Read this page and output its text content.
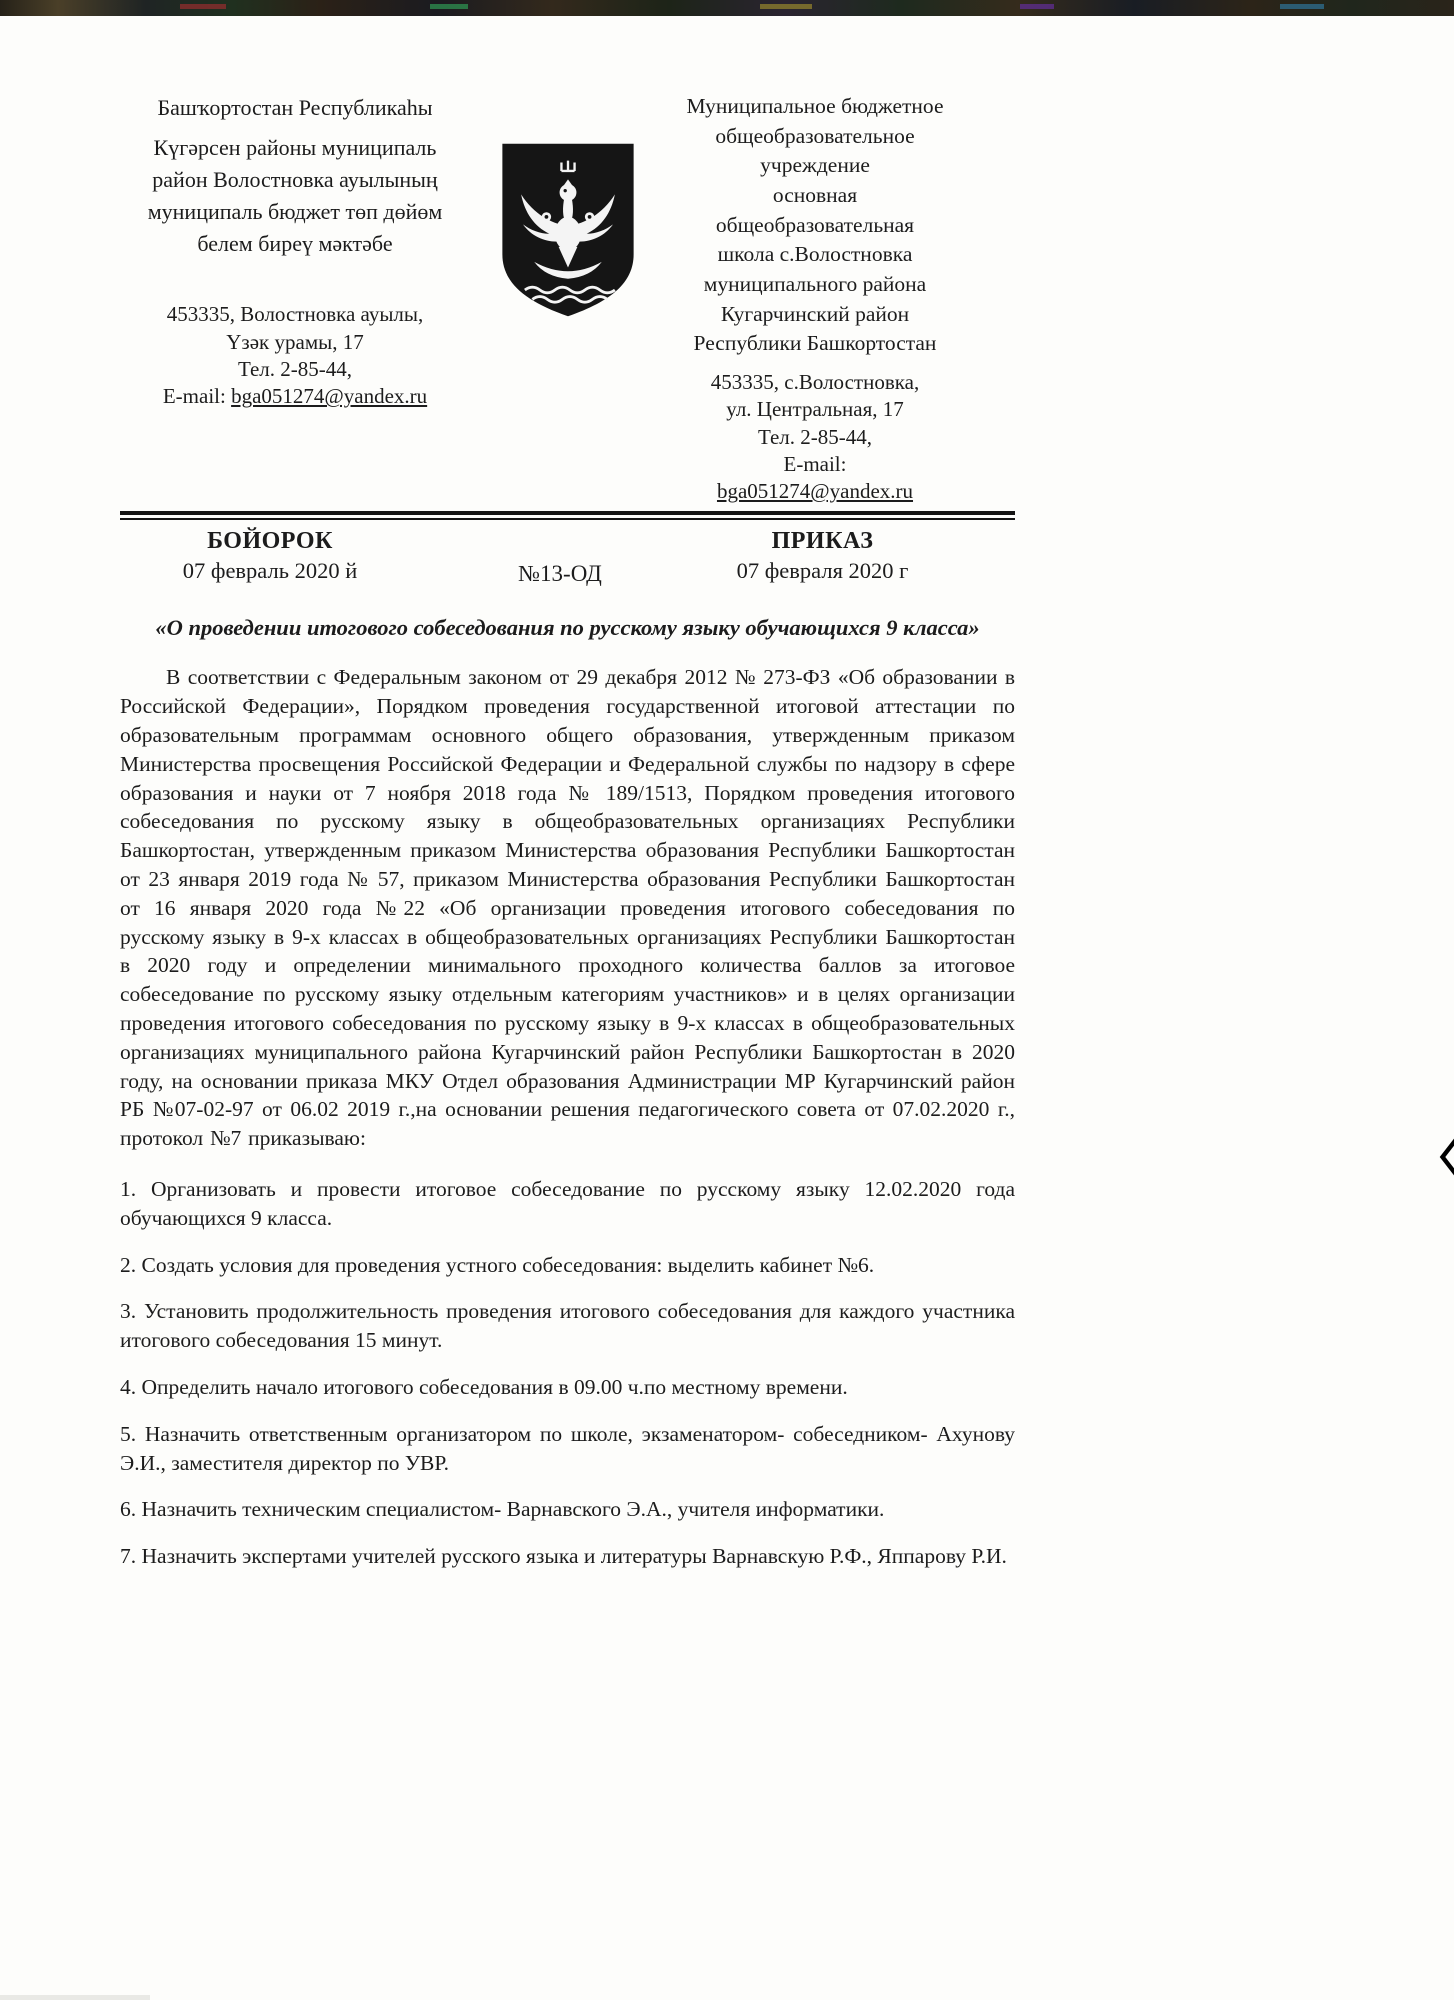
Башҡортостан Республикаһы
Күгәрсен районы муниципаль
район Волостновка ауылының
муниципаль бюджет төп дөйөм
белем биреү мәктәбе
453335, Волостновка ауылы,
Үзәк урамы, 17
Тел. 2-85-44,
E-mail: bga051274@yandex.ru
Муниципальное бюджетное
общеобразовательное учреждение
основная общеобразовательная
школа с.Волостновка
муниципального района
Кугарчинский район
Республики Башкортостан
453335, с.Волостновка,
ул. Центральная, 17
Тел. 2-85-44,
E-mail: bga051274@yandex.ru
БОЙОРОК
07 февраль 2020 й	№13-ОД
ПРИКАЗ
07 февраля 2020 г
«О проведении итогового собеседования по русскому языку обучающихся 9 класса»

В соответствии с Федеральным законом от 29 декабря 2012 № 273-ФЗ «Об образовании в Российской Федерации», Порядком проведения государственной итоговой аттестации по образовательным программам основного общего образования, утвержденным приказом Министерства просвещения Российской Федерации и Федеральной службы по надзору в сфере образования и науки от 7 ноября 2018 года № 189/1513, Порядком проведения итогового собеседования по русскому языку в общеобразовательных организациях Республики Башкортостан, утвержденным приказом Министерства образования Республики Башкортостан от 23 января 2019 года № 57, приказом Министерства образования Республики Башкортостан от 16 января 2020 года №22 «Об организации проведения итогового собеседования по русскому языку в 9-х классах в общеобразовательных организациях Республики Башкортостан в 2020 году и определении минимального проходного количества баллов за итоговое собеседование по русскому языку отдельным категориям участников» и в целях организации проведения итогового собеседования по русскому языку в 9-х классах в общеобразовательных организациях муниципального района Кугарчинский район Республики Башкортостан в 2020 году, на основании приказа МКУ Отдел образования Администрации МР Кугарчинский район РБ №07-02-97 от 06.02 2019 г.,на основании решения педагогического совета от 07.02.2020 г., протокол №7 приказываю:

1. Организовать и провести итоговое собеседование по русскому языку 12.02.2020 года обучающихся 9 класса.

2. Создать условия для проведения устного собеседования: выделить кабинет №6.

3. Установить продолжительность проведения итогового собеседования для каждого участника итогового собеседования 15 минут.

4. Определить начало итогового собеседования в 09.00 ч.по местному времени.

5. Назначить ответственным организатором по школе, экзаменатором- собеседником- Ахунову Э.И., заместителя директор по УВР.

6. Назначить техническим специалистом- Варнавского Э.А., учителя информатики.

7. Назначить экспертами учителей русского языка и литературы Варнавскую Р.Ф., Яппарову Р.И.
